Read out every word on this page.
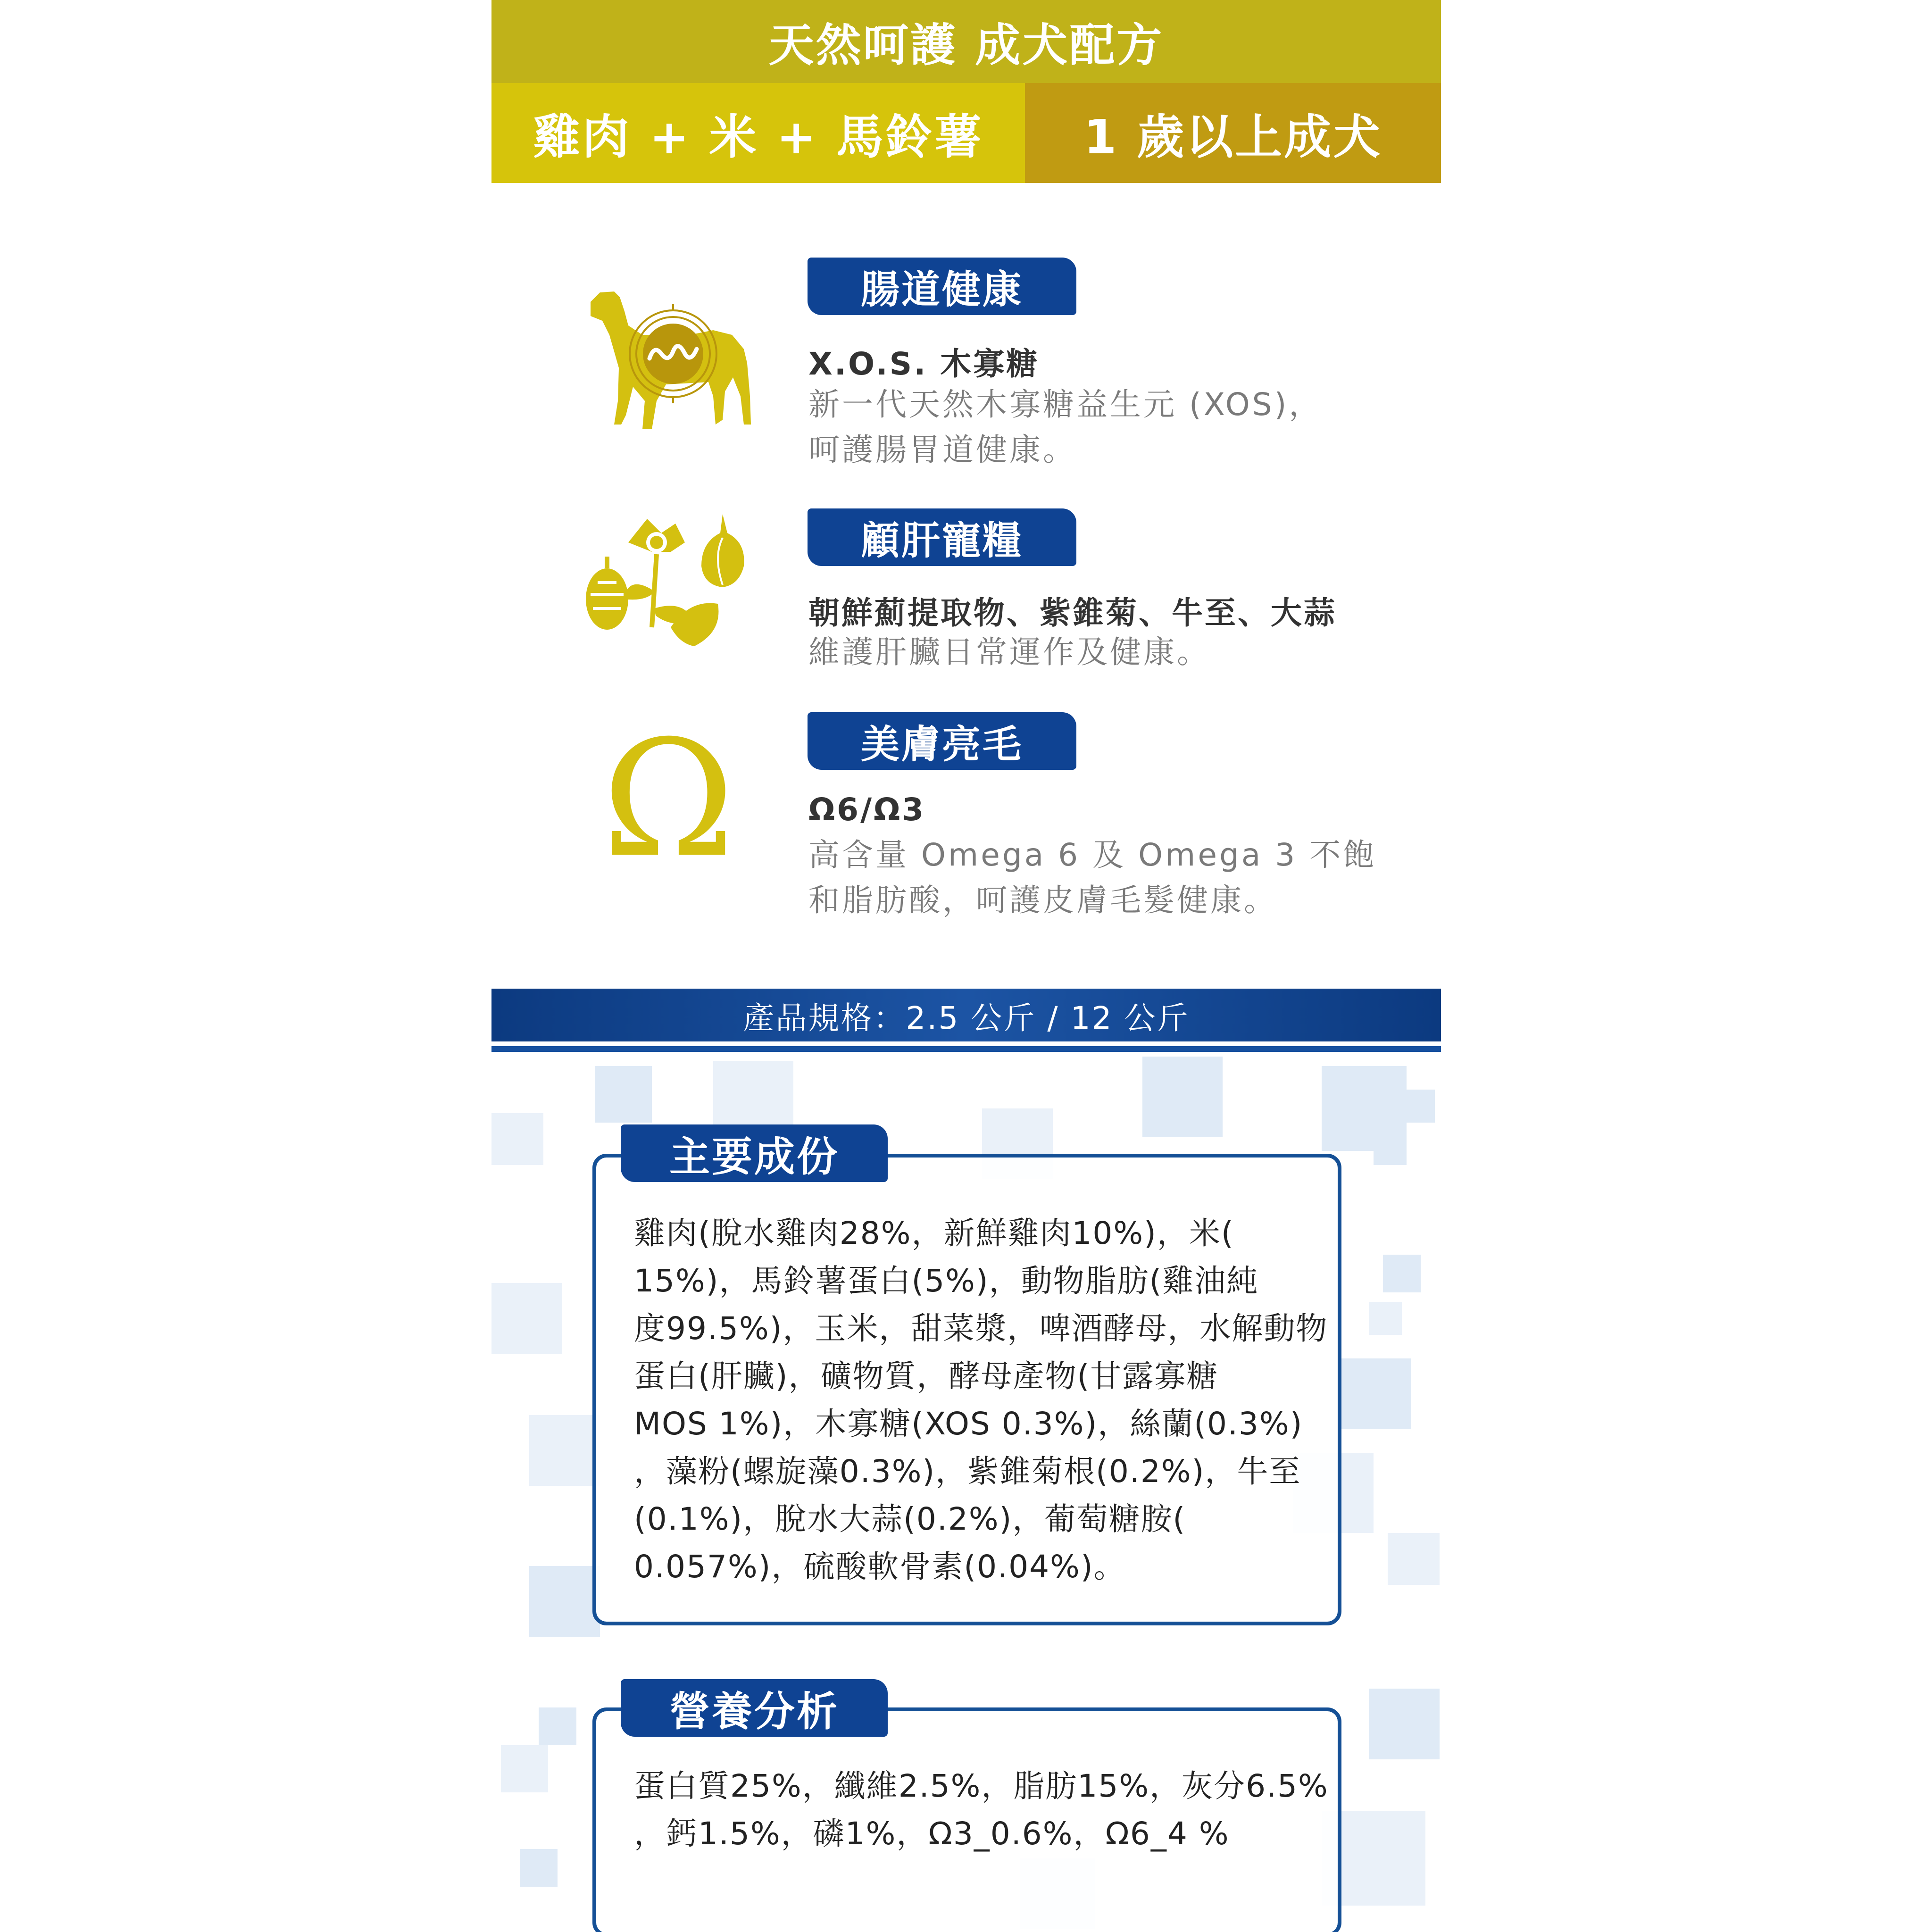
天然呵護 成犬配方
雞肉 + 米 + 馬鈴薯	1 歲以上成犬
腸道健康
X.O.S. 木寡糖
新一代天然木寡糖益生元 (XOS)，
呵護腸胃道健康。
顧肝寵糧
朝鮮薊提取物、紫錐菊、牛至、大蒜
維護肝臟日常運作及健康。
Ω	美膚亮毛
Ω6/Ω3
高含量 Omega 6 及 Omega 3 不飽
和脂肪酸，呵護皮膚毛髮健康。
產品規格：2.5 公斤 / 12 公斤
雞肉(脫水雞肉28%，新鮮雞肉10%)，米(
15%)，馬鈴薯蛋白(5%)，動物脂肪(雞油純
度99.5%)，玉米，甜菜漿，啤酒酵母，水解動物
蛋白(肝臟)，礦物質，酵母產物(甘露寡糖
MOS 1%)，木寡糖(XOS 0.3%)，絲蘭(0.3%)
，藻粉(螺旋藻0.3%)，紫錐菊根(0.2%)，牛至
(0.1%)，脫水大蒜(0.2%)，葡萄糖胺(
0.057%)，硫酸軟骨素(0.04%)。
主要成份
蛋白質25%，纖維2.5%，脂肪15%，灰分6.5%
，鈣1.5%，磷1%，Ω3_0.6%，Ω6_4 %
營養分析
